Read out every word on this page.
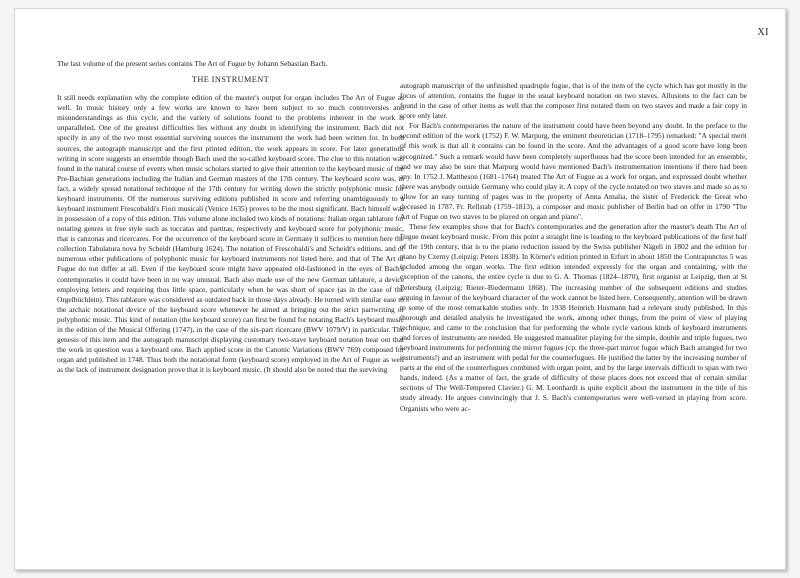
XI

The last volume of the present series contains The Art of Fugue by Johann Sebastian Bach.

THE INSTRUMENT

It still needs explanation why the complete edition of the master's output for organ includes The Art of Fugue as well. In music history only a few works are known to have been subject to so much controversies and misunderstandings as this cycle, and the variety of solutions found to the problems inherent in the work is unparalleled. One of the greatest difficulties lies without any doubt in identifying the instrument. Bach did not specify in any of the two most essential surviving sources the instrument the work had been written for. In both sources, the autograph manuscript and the first printed edition, the work appears in score. For later generations writing in score suggests an ensemble though Bach used the so-called keyboard score. The clue to this notation was found in the natural course of events when music scholars started to give their attention to the keyboard music of the Pre-Bachian generations including the Italian and German masters of the 17th century. The keyboard score was, in fact, a widely spread notational technique of the 17th century for writing down the strictly polyphonic music for keyboard instruments. Of the numerous surviving editions published in score and referring unambiguously to a keyboard instrument Frescobaldi's Fiori musicali (Venice 1635) proves to be the most significant. Bach himself was in possession of a copy of this edition. This volume alone included two kinds of notations: Italian organ tablature for notating genres in free style such as toccatas and partitas, respectively and keyboard score for polyphonic music, that is canzonas and ricercares. For the occurrence of the keyboard score in Germany it suffices to mention here the collection Tabulatura nova by Scheidt (Hamburg 1624). The notation of Frescobaldi's and Scheidt's editions, and of numerous other publications of polyphonic music for keyboard instruments not listed here, and that of The Art of Fugue do not differ at all. Even if the keyboard score might have appeared old-fashioned in the eyes of Bach's contemporaries it could have been in no way unusual. Bach also made use of the new German tablature, a device employing letters and requiring thus little space, particularly when he was short of space (as in the case of the Orgelbüchlein). This tablature was considered as outdated back in those days already. He turned with similar ease to the archaic notational device of the keyboard score whenever he aimed at bringing out the strict partwriting of polyphonic music. This kind of notation (the keyboard score) can first be found for notating Bach's keyboard music in the edition of the Musical Offering (1747), in the case of the six-part ricercare (BWV 1079/V) in particular. The genesis of this item and the autograph manuscript displaying customary two-stave keyboard notation bear out that the work in question was a keyboard one. Bach applied score in the Canonic Variations (BWV 769) composed for organ and published in 1748. Thus both the notational form (keyboard score) employed in the Art of Fugue as well as the lack of instrument designation prove that it is keyboard music. (It should also be noted that the surviving

autograph manuscript of the unfinished quadruple fugue, that is of the item of the cycle which has got mostly in the focus of attention, contains the fugue in the usual keyboard notation on two staves. Allusions to the fact can be found in the case of other items as well that the composer first notated them on two staves and made a fair copy in score only later.

For Bach's contemporaries the nature of the instrument could have been beyond any doubt. In the preface to the second edition of the work (1752) F. W. Marpurg, the eminent theoretician (1718–1795) remarked: "A special merit of this work is that all it contains can be found in the score. And the advantages of a good score have long been recognized." Such a remark would have been completely superfluous had the score been intended for an ensemble, and we may also be sure that Marpurg would have mentioned Bach's instrumentation intentions if there had been any. In 1752 J. Mattheson (1681–1764) treated The Art of Fugue as a work for organ, and expressed doubt whether there was anybody outside Germany who could play it. A copy of the cycle notated on two staves and made so as to allow for an easy turning of pages was in the property of Anna Amalia, the sister of Frederick the Great who deceased in 1787. Fr. Rellstab (1759–1813), a composer and music publisher of Berlin had on offer in 1790 "The Art of Fugue on two staves to be played on organ and piano".

These few examples show that for Bach's contemporaries and the generation after the master's death The Art of Fugue meant keyboard music. From this point a straight line is leading to the keyboard publications of the first half of the 19th century, that is to the piano reduction issued by the Swiss publisher Nägeli in 1802 and the edition for piano by Czerny (Leipzig: Peters 1838). In Körner's edition printed in Erfurt in about 1850 the Contrapunctus 5 was included among the organ works. The first edition intended expressly for the organ and containing, with the exception of the canons, the entire cycle is due to G. A. Thomas (1824–1870), first organist at Leipzig, then at St Petersburg (Leipzig: Rieter–Biedermann 1868). The increasing number of the subsequent editions and studies arguing in favour of the keyboard character of the work cannot be listed here. Consequently, attention will be drawn to some of the most remarkable studies only. In 1938 Heinrich Husmann had a relevant study published. In this thorough and detailed analysis he investigated the work, among other things, from the point of view of playing technique, and came to the conclusion that for performing the whole cycle various kinds of keyboard instruments and forces of instruments are needed. He suggested manualiter playing for the simple, double and triple fugues, two keyboard instruments for performing the mirror fugues (cp. the three-part mirror fugue which Bach arranged for two instruments!) and an instrument with pedal for the counterfugues. He justified the latter by the increasing number of parts at the end of the counterfugues combined with organ point, and by the large intervals difficult to span with two hands, indeed. (As a matter of fact, the grade of difficulty of these places does not exceed that of certain similar sections of The Well-Tempered Clavier.) G. M. Leonhardt is quite explicit about the instrument in the title of his study already. He argues convincingly that J. S. Bach's contemporaries were well-versed in playing from score. Organists who were ac-
